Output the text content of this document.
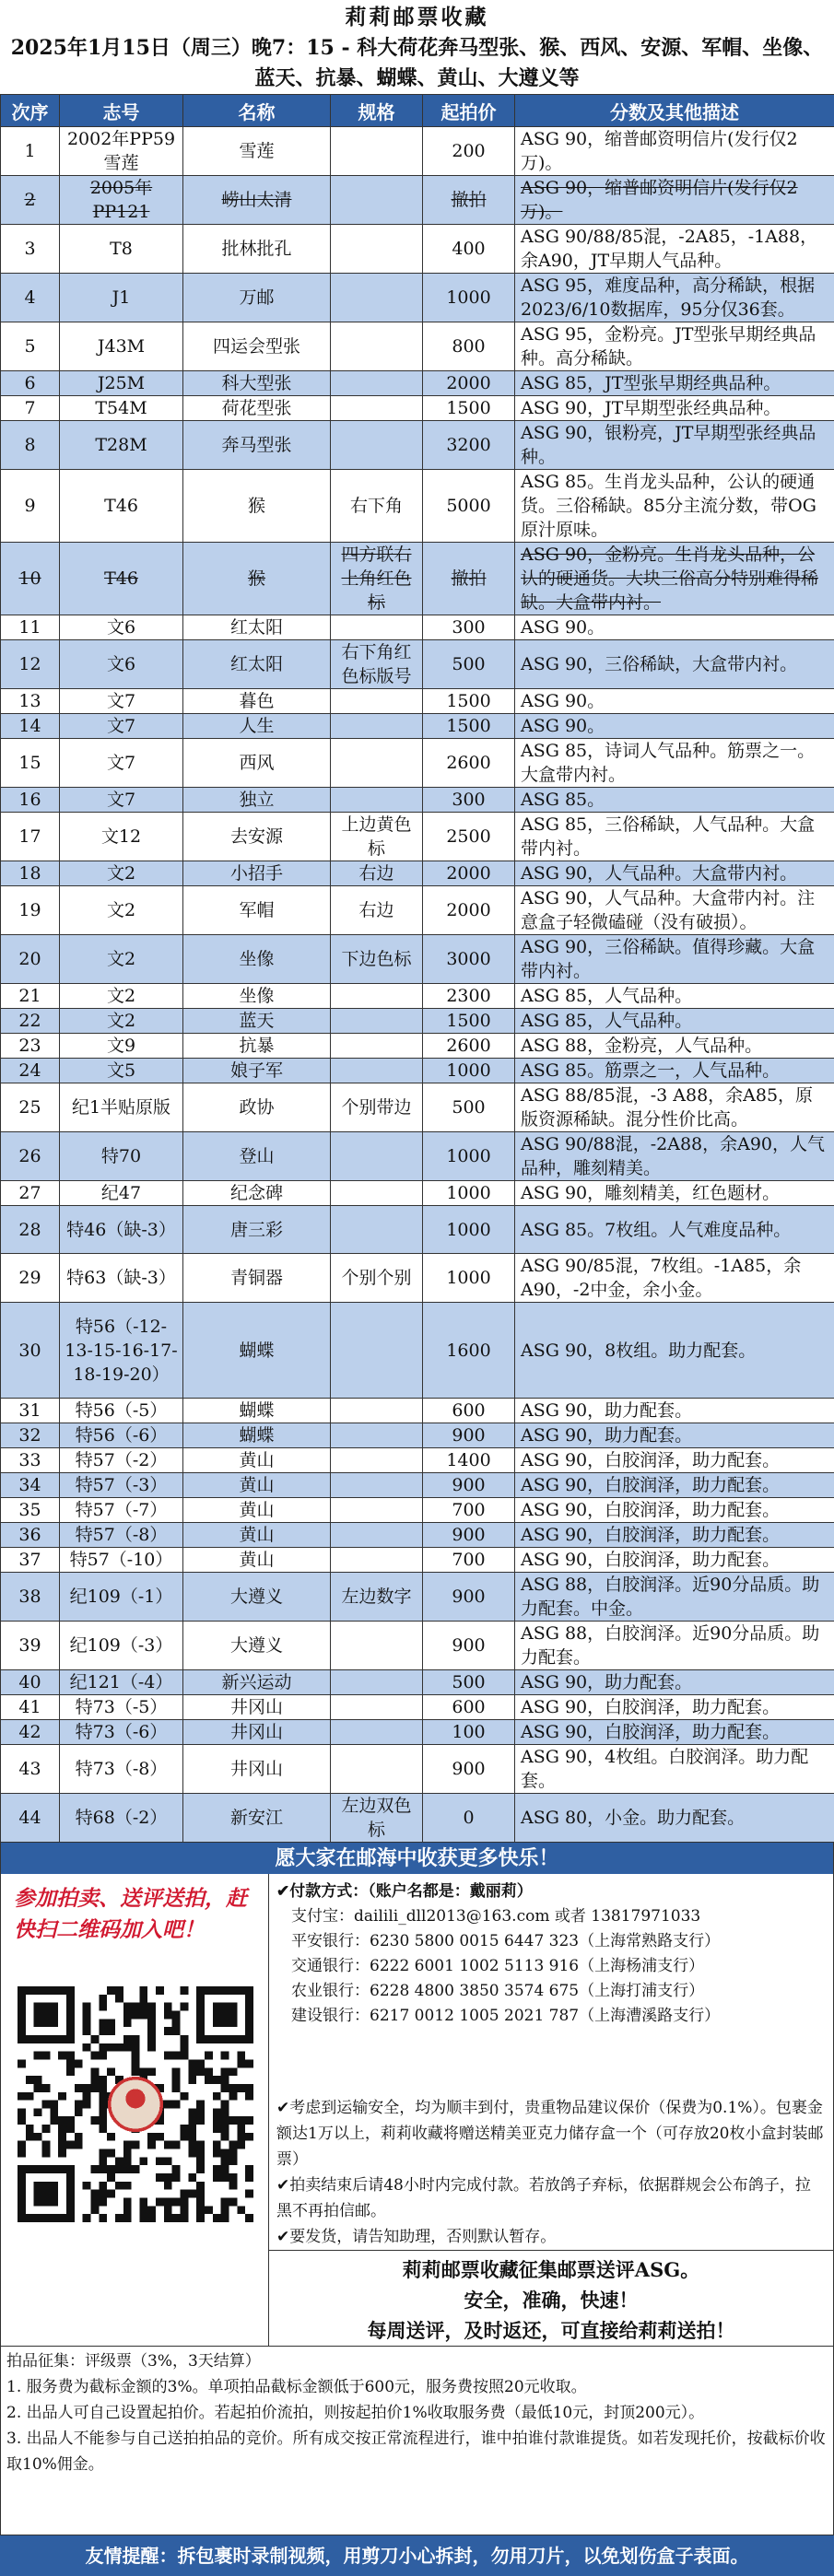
莉莉邮票收藏
2025年1月15日（周三）晚7：15 - 科大荷花奔马型张、猴、西风、安源、军帽、坐像、蓝天、抗暴、蝴蝶、黄山、大遵义等
次序	志号	名称	规格	起拍价	分数及其他描述
1	2002年PP59 雪莲	雪莲		200	ASG 90，缩普邮资明信片(发行仅2万)。
2	2005年PP121	崂山太清		撤拍	ASG 90，缩普邮资明信片(发行仅2万)。
3	T8	批林批孔		400	ASG 90/88/85混，-2A85，-1A88，余A90，JT早期人气品种。
4	J1	万邮		1000	ASG 95，难度品种，高分稀缺，根据2023/6/10数据库，95分仅36套。
5	J43M	四运会型张		800	ASG 95，金粉亮。JT型张早期经典品种。高分稀缺。
6	J25M	科大型张		2000	ASG 85，JT型张早期经典品种。
7	T54M	荷花型张		1500	ASG 90，JT早期型张经典品种。
8	T28M	奔马型张		3200	ASG 90，银粉亮，JT早期型张经典品种。
9	T46	猴	右下角	5000	ASG 85。生肖龙头品种，公认的硬通货。三俗稀缺。85分主流分数，带OG原汁原味。
10	T46	猴	四方联右上角红色标	撤拍	ASG 90，金粉亮。生肖龙头品种，公认的硬通货。大块三俗高分特别难得稀缺。大盒带内衬。
11	文6	红太阳		300	ASG 90。
12	文6	红太阳	右下角红色标版号	500	ASG 90，三俗稀缺，大盒带内衬。
13	文7	暮色		1500	ASG 90。
14	文7	人生		1500	ASG 90。
15	文7	西风		2600	ASG 85，诗词人气品种。筋票之一。大盒带内衬。
16	文7	独立		300	ASG 85。
17	文12	去安源	上边黄色标	2500	ASG 85，三俗稀缺，人气品种。大盒带内衬。
18	文2	小招手	右边	2000	ASG 90，人气品种。大盒带内衬。
19	文2	军帽	右边	2000	ASG 90，人气品种。大盒带内衬。注意盒子轻微磕碰（没有破损）。
20	文2	坐像	下边色标	3000	ASG 90，三俗稀缺。值得珍藏。大盒带内衬。
21	文2	坐像		2300	ASG 85，人气品种。
22	文2	蓝天		1500	ASG 85，人气品种。
23	文9	抗暴		2600	ASG 88，金粉亮，人气品种。
24	文5	娘子军		1000	ASG 85。筋票之一，人气品种。
25	纪1半贴原版	政协	个别带边	500	ASG 88/85混，-3 A88，余A85，原版资源稀缺。混分性价比高。
26	特70	登山		1000	ASG 90/88混，-2A88，余A90，人气品种，雕刻精美。
27	纪47	纪念碑		1000	ASG 90，雕刻精美，红色题材。
28	特46（缺-3）	唐三彩		1000	ASG 85。7枚组。人气难度品种。
29	特63（缺-3）	青铜器	个别个别	1000	ASG 90/85混，7枚组。-1A85，余A90，-2中金，余小金。
30	特56（-12-13-15-16-17-18-19-20）	蝴蝶		1600	ASG 90，8枚组。助力配套。
31	特56（-5）	蝴蝶		600	ASG 90，助力配套。
32	特56（-6）	蝴蝶		900	ASG 90，助力配套。
33	特57（-2）	黄山		1400	ASG 90，白胶润泽，助力配套。
34	特57（-3）	黄山		900	ASG 90，白胶润泽，助力配套。
35	特57（-7）	黄山		700	ASG 90，白胶润泽，助力配套。
36	特57（-8）	黄山		900	ASG 90，白胶润泽，助力配套。
37	特57（-10）	黄山		700	ASG 90，白胶润泽，助力配套。
38	纪109（-1）	大遵义	左边数字	900	ASG 88，白胶润泽。近90分品质。助力配套。中金。
39	纪109（-3）	大遵义		900	ASG 88，白胶润泽。近90分品质。助力配套。
40	纪121（-4）	新兴运动		500	ASG 90，助力配套。
41	特73（-5）	井冈山		600	ASG 90，白胶润泽，助力配套。
42	特73（-6）	井冈山		100	ASG 90，白胶润泽，助力配套。
43	特73（-8）	井冈山		900	ASG 90，4枚组。白胶润泽。助力配套。
44	特68（-2）	新安江	左边双色标	0	ASG 80，小金。助力配套。
愿大家在邮海中收获更多快乐！
参加拍卖、送评送拍，赶快扫二维码加入吧！
✔付款方式：（账户名都是：戴丽莉）
支付宝：dailili_dll2013@163.com 或者 13817971033
平安银行：6230 5800 0015 6447 323（上海常熟路支行）
交通银行：6222 6001 1002 5113 916（上海杨浦支行）
农业银行：6228 4800 3850 3574 675（上海打浦支行）
建设银行：6217 0012 1005 2021 787（上海漕溪路支行）
✔考虑到运输安全，均为顺丰到付，贵重物品建议保价（保费为0.1%）。包裹金额达1万以上，莉莉收藏将赠送精美亚克力储存盒一个（可存放20枚小盒封装邮票）
✔拍卖结束后请48小时内完成付款。若放鸽子弃标，依据群规会公布鸽子，拉黑不再拍信邮。
✔要发货，请告知助理，否则默认暂存。
莉莉邮票收藏征集邮票送评ASG。
安全，准确，快速！
每周送评，及时返还，可直接给莉莉送拍！
拍品征集：评级票（3%，3天结算）
1. 服务费为截标金额的3%。单项拍品截标金额低于600元，服务费按照20元收取。
2. 出品人可自己设置起拍价。若起拍价流拍，则按起拍价1%收取服务费（最低10元，封顶200元）。
3. 出品人不能参与自己送拍拍品的竞价。所有成交按正常流程进行，谁中拍谁付款谁提货。如若发现托价，按截标价收取10%佣金。
友情提醒：拆包裹时录制视频，用剪刀小心拆封，勿用刀片，以免划伤盒子表面。
